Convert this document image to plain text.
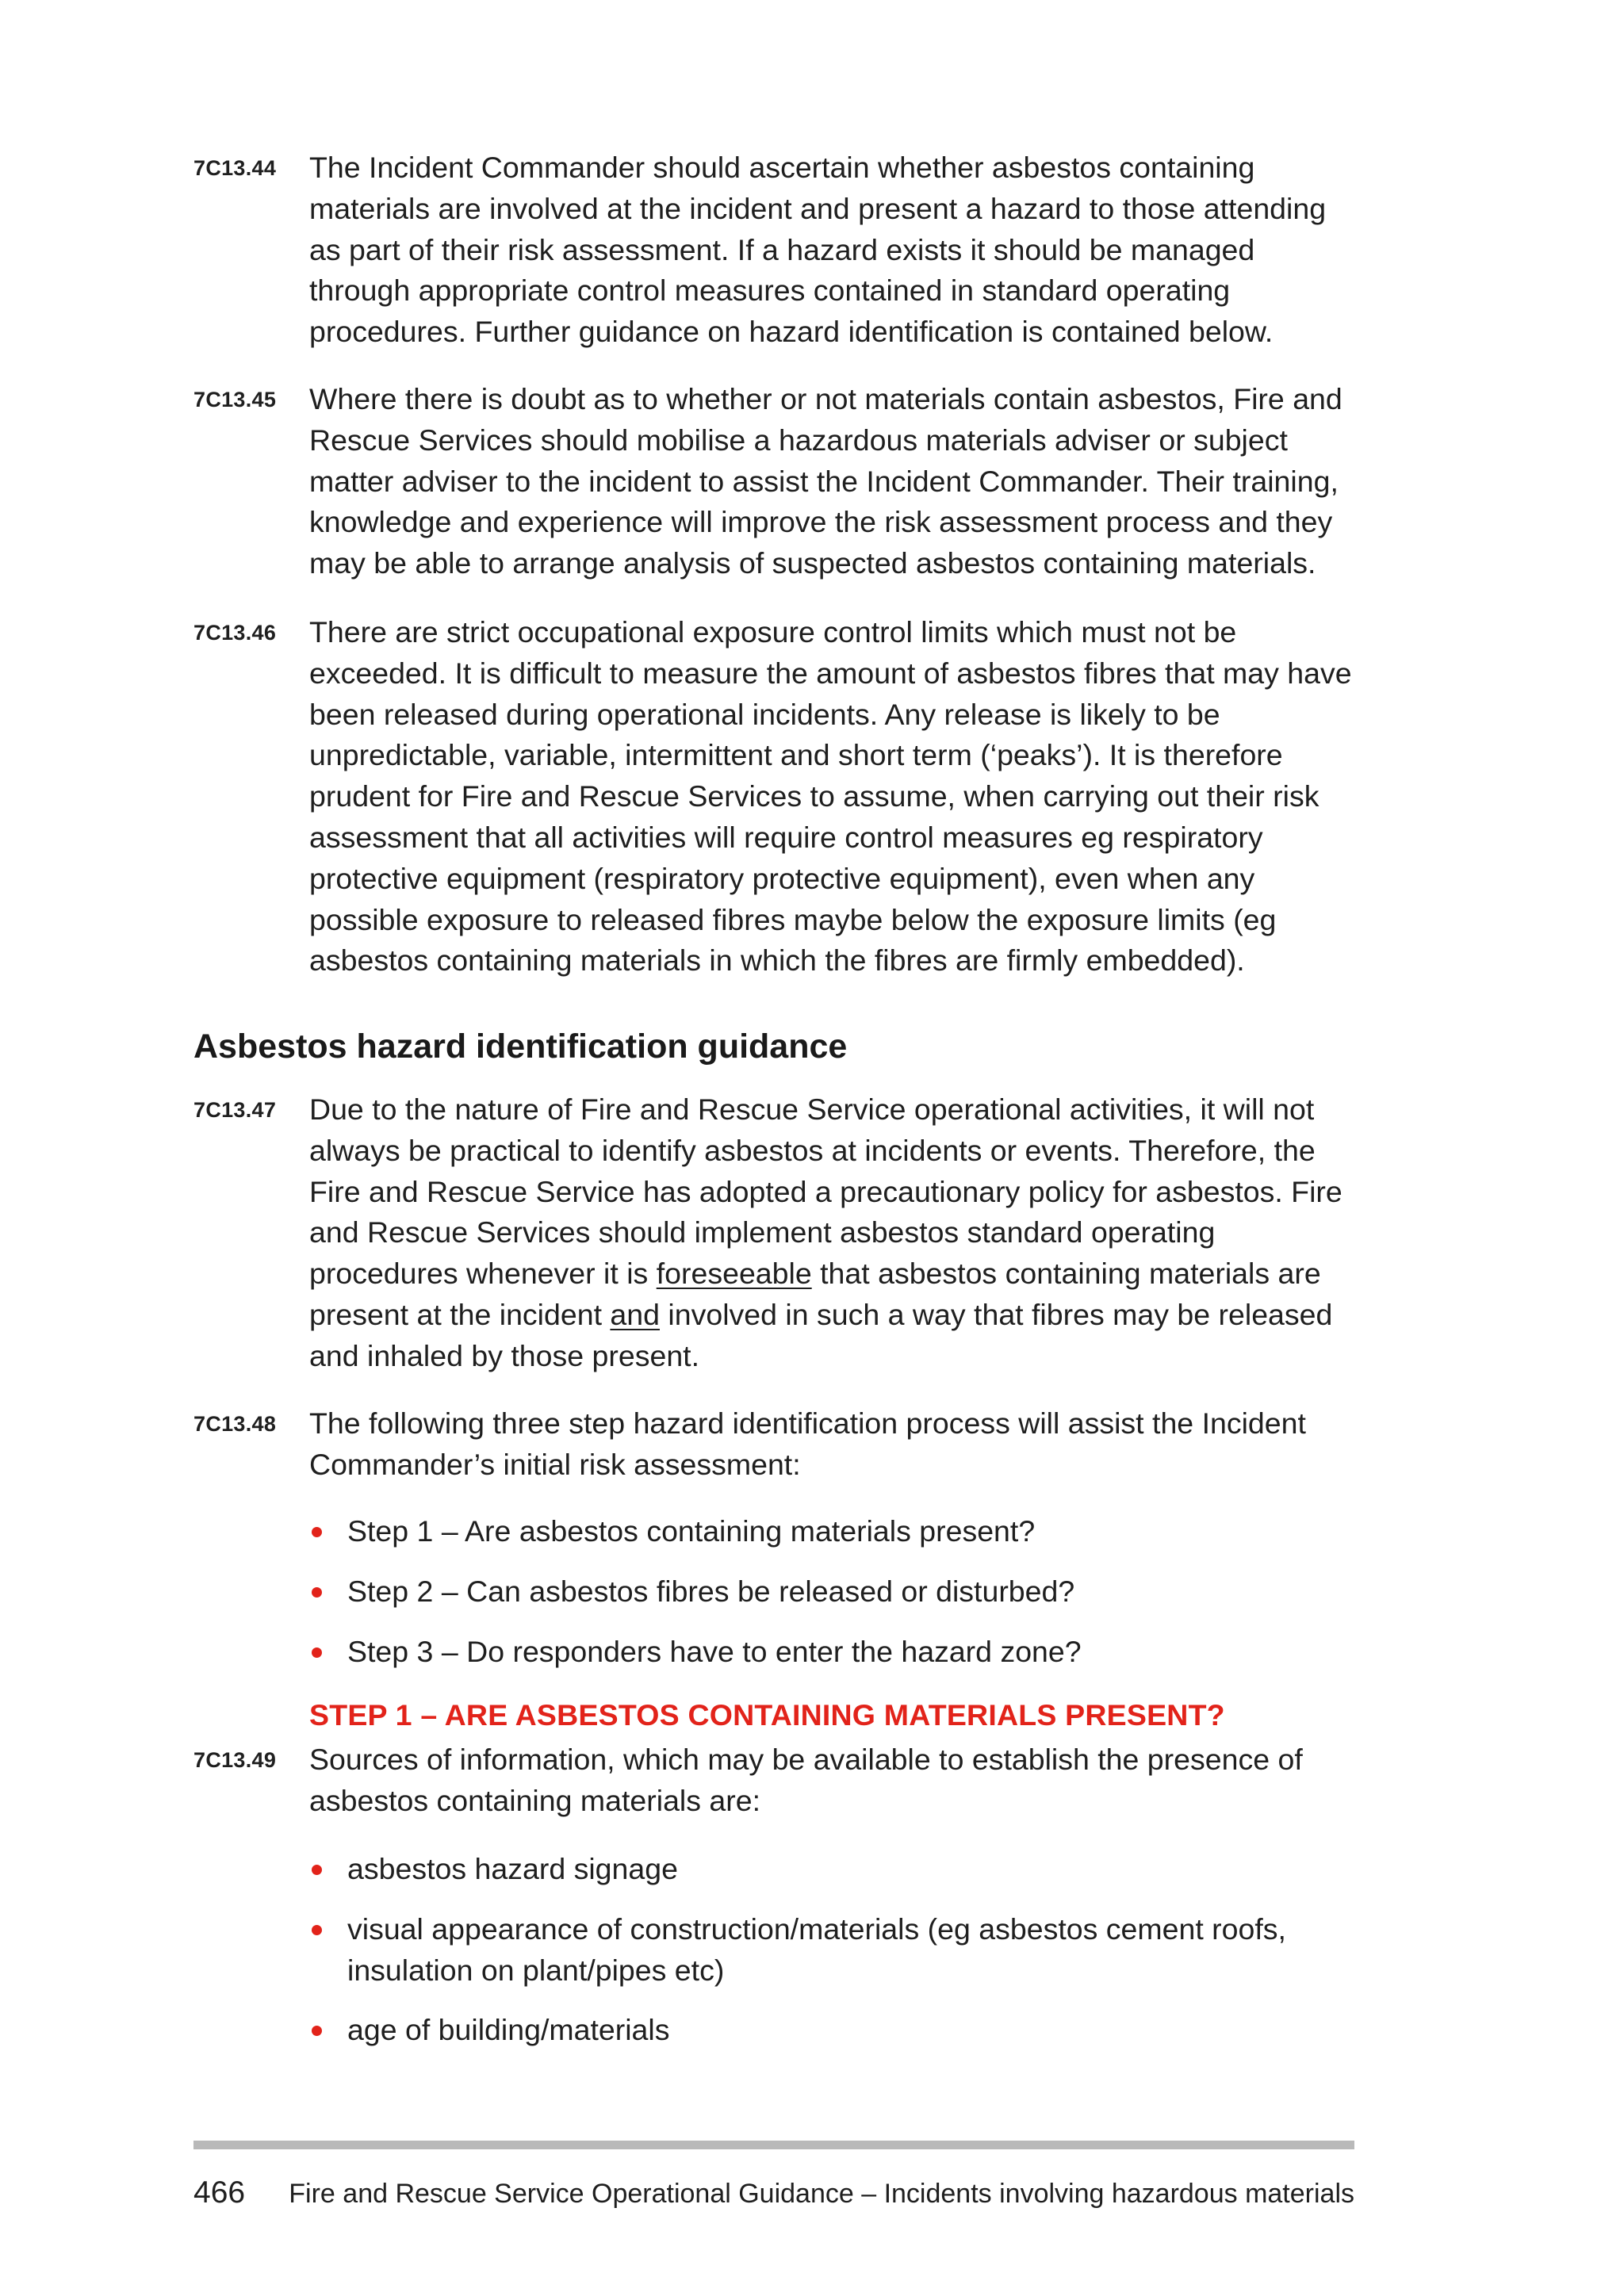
7C13.44 The Incident Commander should ascertain whether asbestos containing materials are involved at the incident and present a hazard to those attending as part of their risk assessment. If a hazard exists it should be managed through appropriate control measures contained in standard operating procedures. Further guidance on hazard identification is contained below.
7C13.45 Where there is doubt as to whether or not materials contain asbestos, Fire and Rescue Services should mobilise a hazardous materials adviser or subject matter adviser to the incident to assist the Incident Commander. Their training, knowledge and experience will improve the risk assessment process and they may be able to arrange analysis of suspected asbestos containing materials.
7C13.46 There are strict occupational exposure control limits which must not be exceeded. It is difficult to measure the amount of asbestos fibres that may have been released during operational incidents. Any release is likely to be unpredictable, variable, intermittent and short term (‘peaks’). It is therefore prudent for Fire and Rescue Services to assume, when carrying out their risk assessment that all activities will require control measures eg respiratory protective equipment (respiratory protective equipment), even when any possible exposure to released fibres maybe below the exposure limits (eg asbestos containing materials in which the fibres are firmly embedded).
Asbestos hazard identification guidance
7C13.47 Due to the nature of Fire and Rescue Service operational activities, it will not always be practical to identify asbestos at incidents or events. Therefore, the Fire and Rescue Service has adopted a precautionary policy for asbestos. Fire and Rescue Services should implement asbestos standard operating procedures whenever it is foreseeable that asbestos containing materials are present at the incident and involved in such a way that fibres may be released and inhaled by those present.
7C13.48 The following three step hazard identification process will assist the Incident Commander’s initial risk assessment:
Step 1 – Are asbestos containing materials present?
Step 2 – Can asbestos fibres be released or disturbed?
Step 3 – Do responders have to enter the hazard zone?
STEP 1 – ARE ASBESTOS CONTAINING MATERIALS PRESENT?
7C13.49 Sources of information, which may be available to establish the presence of asbestos containing materials are:
asbestos hazard signage
visual appearance of construction/materials (eg asbestos cement roofs, insulation on plant/pipes etc)
age of building/materials
466 Fire and Rescue Service Operational Guidance – Incidents involving hazardous materials
